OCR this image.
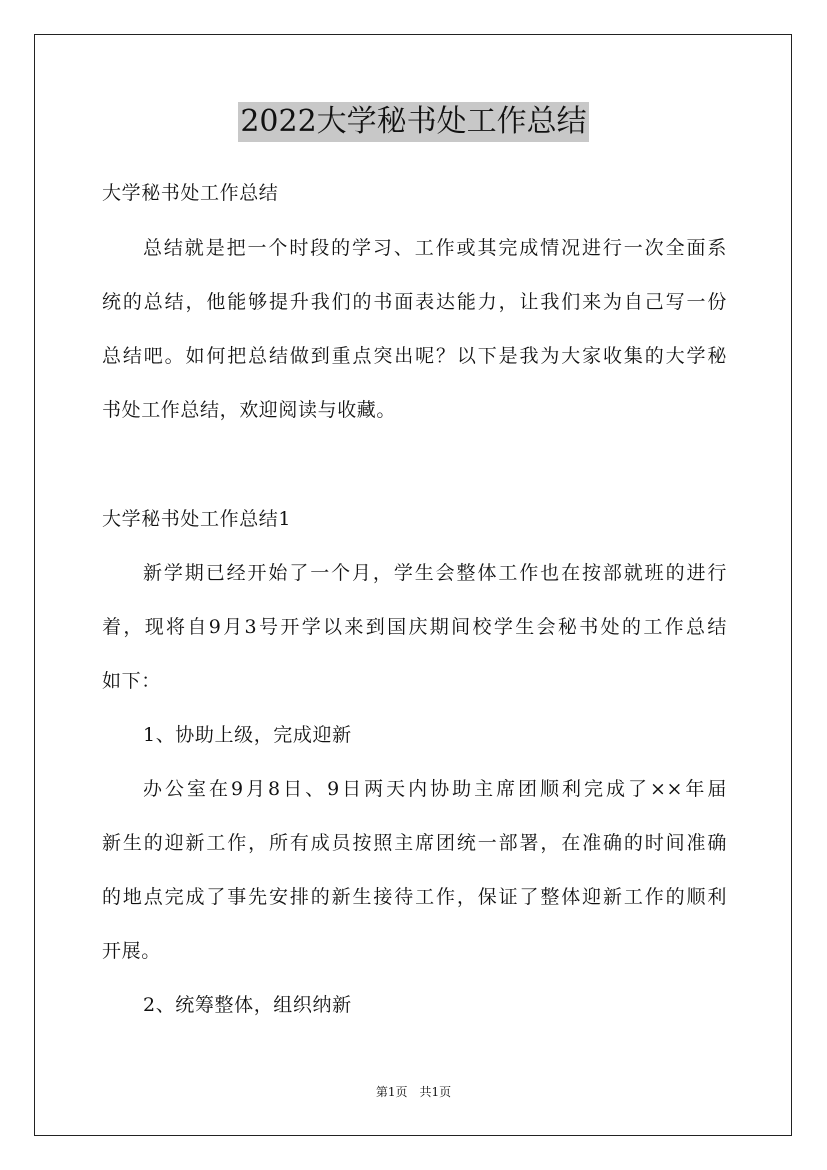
2022大学秘书处工作总结
大学秘书处工作总结
总结就是把一个时段的学习、工作或其完成情况进行一次全面系
统的总结，他能够提升我们的书面表达能力，让我们来为自己写一份
总结吧。如何把总结做到重点突出呢？以下是我为大家收集的大学秘
书处工作总结，欢迎阅读与收藏。
大学秘书处工作总结1
新学期已经开始了一个月，学生会整体工作也在按部就班的进行
着，现将自9月3号开学以来到国庆期间校学生会秘书处的工作总结
如下：
1、协助上级，完成迎新
办公室在9月8日、9日两天内协助主席团顺利完成了××年届
新生的迎新工作，所有成员按照主席团统一部署，在准确的时间准确
的地点完成了事先安排的新生接待工作，保证了整体迎新工作的顺利
开展。
2、统筹整体，组织纳新
第1页　共1页
